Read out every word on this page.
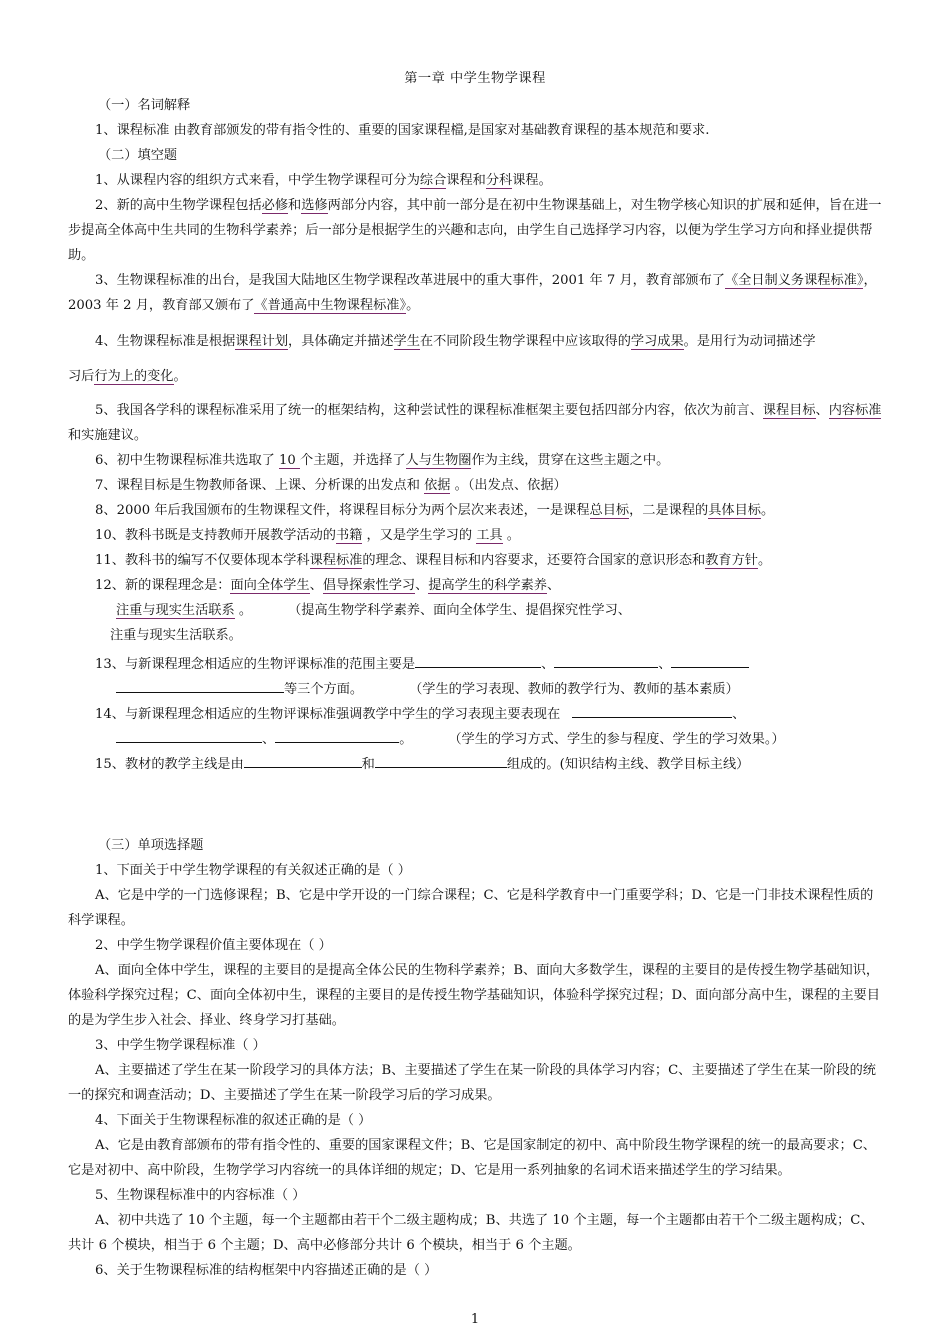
第一章 中学生物学课程

（一）名词解释

1、课程标准 由教育部颁发的带有指令性的、重要的国家课程檔,是国家对基础教育课程的基本规范和要求.

（二）填空题

1、从课程内容的组织方式来看，中学生物学课程可分为综合课程和分科课程。

2、新的高中生物学课程包括必修和选修两部分内容，其中前一部分是在初中生物课基础上，对生物学核心知识的扩展和延伸，旨在进一步提高全体高中生共同的生物科学素养；后一部分是根据学生的兴趣和志向，由学生自己选择学习内容，以便为学生学习方向和择业提供帮助。

3、生物课程标准的出台，是我国大陆地区生物学课程改革进展中的重大事件，2001 年 7 月，教育部颁布了《全日制义务课程标准》，2003 年 2 月，教育部又颁布了《普通高中生物课程标准》。

4、生物课程标准是根据课程计划，具体确定并描述学生在不同阶段生物学课程中应该取得的学习成果。是用行为动词描述学

习后行为上的变化。

5、我国各学科的课程标准采用了统一的框架结构，这种尝试性的课程标准框架主要包括四部分内容，依次为前言、课程目标、内容标准和实施建议。

6、初中生物课程标准共选取了 10 个主题，并选择了人与生物圈作为主线，贯穿在这些主题之中。

7、课程目标是生物教师备课、上课、分析课的出发点和 依据 。（出发点、依据）

8、2000 年后我国颁布的生物课程文件，将课程目标分为两个层次来表述，一是课程总目标，二是课程的具体目标。

10、教科书既是支持教师开展教学活动的书籍 ，又是学生学习的 工具 。

11、教科书的编写不仅要体现本学科课程标准的理念、课程目标和内容要求，还要符合国家的意识形态和教育方针。

12、新的课程理念是：面向全体学生、倡导探索性学习、提高学生的科学素养、

注重与现实生活联系 。	（提高生物学科学素养、面向全体学生、提倡探究性学习、

注重与现实生活联系。

13、与新课程理念相适应的生物评课标准的范围主要是	、	、

等三个方面。	（学生的学习表现、教师的教学行为、教师的基本素质）

14、与新课程理念相适应的生物评课标准强调教学中学生的学习表现主要表现在	、

、	。	（学生的学习方式、学生的参与程度、学生的学习效果。）

15、教材的教学主线是由	和	组成的。(知识结构主线、教学目标主线）

（三）单项选择题

1、下面关于中学生物学课程的有关叙述正确的是（ ）

A、它是中学的一门选修课程；B、它是中学开设的一门综合课程；C、它是科学教育中一门重要学科；D、它是一门非技术课程性质的科学课程。

2、中学生物学课程价值主要体现在（ ）

A、面向全体中学生，课程的主要目的是提高全体公民的生物科学素养；B、面向大多数学生，课程的主要目的是传授生物学基础知识，体验科学探究过程；C、面向全体初中生，课程的主要目的是传授生物学基础知识，体验科学探究过程；D、面向部分高中生，课程的主要目的是为学生步入社会、择业、终身学习打基础。

3、中学生物学课程标准（ ）

A、主要描述了学生在某一阶段学习的具体方法；B、主要描述了学生在某一阶段的具体学习内容；C、主要描述了学生在某一阶段的统一的探究和调查活动；D、主要描述了学生在某一阶段学习后的学习成果。

4、下面关于生物课程标准的叙述正确的是（ ）

A、它是由教育部颁布的带有指令性的、重要的国家课程文件；B、它是国家制定的初中、高中阶段生物学课程的统一的最高要求；C、它是对初中、高中阶段，生物学学习内容统一的具体详细的规定；D、它是用一系列抽象的名词术语来描述学生的学习结果。

5、生物课程标准中的内容标准（ ）

A、初中共选了 10 个主题，每一个主题都由若干个二级主题构成；B、共选了 10 个主题，每一个主题都由若干个二级主题构成；C、共计 6 个模块，相当于 6 个主题；D、高中必修部分共计 6 个模块，相当于 6 个主题。

6、关于生物课程标准的结构框架中内容描述正确的是（ ）

1
